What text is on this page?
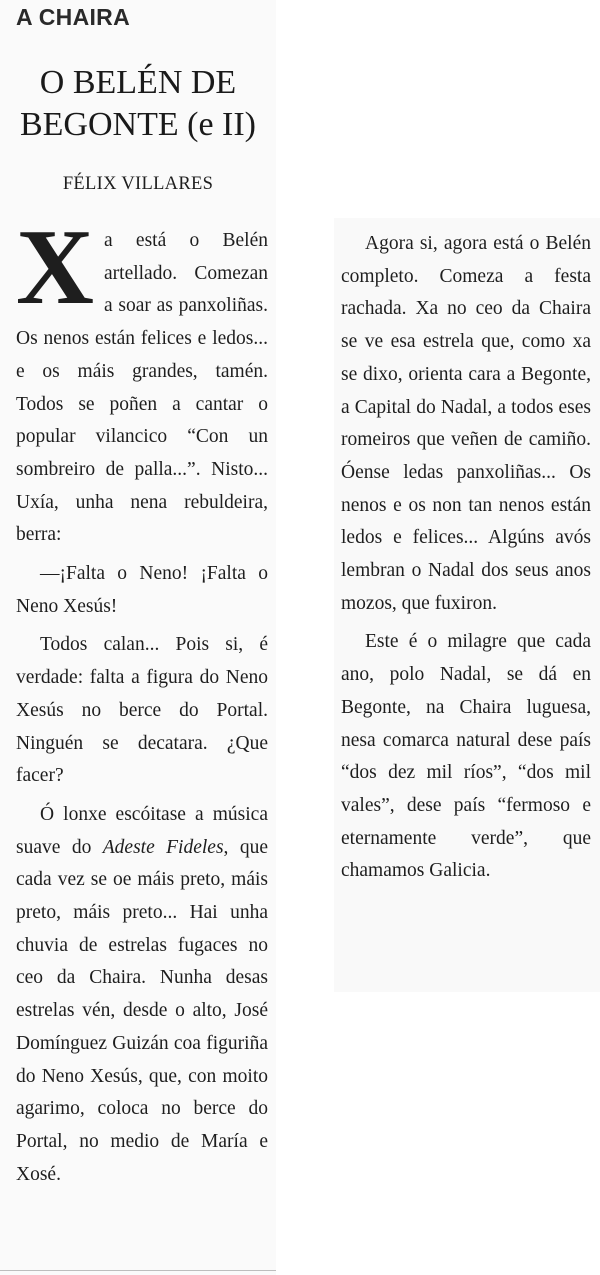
A CHAIRA
O BELÉN DE
BEGONTE (e II)
FÉLIX VILLARES

Xa está o Belén artellado. Comezan a soar as panxoliñas. Os nenos están felices e ledos... e os máis grandes, tamén. Todos se poñen a cantar o popular vilancico “Con un sombreiro de palla...”. Nisto... Uxía, unha nena rebuldeira, berra:

—¡Falta o Neno! ¡Falta o Neno Xesús!

Todos calan... Pois si, é verdade: falta a figura do Neno Xesús no berce do Portal. Ninguén se decatara. ¿Que facer?

Ó lonxe escóitase a música suave do Adeste Fideles, que cada vez se oe máis preto, máis preto, máis preto... Hai unha chuvia de estrelas fugaces no ceo da Chaira. Nunha desas estrelas vén, desde o alto, José Domínguez Guizán coa figuriña do Neno Xesús, que, con moito agarimo, coloca no berce do Portal, no medio de María e Xosé.

Agora si, agora está o Belén completo. Comeza a festa rachada. Xa no ceo da Chaira se ve esa estrela que, como xa se dixo, orienta cara a Begonte, a Capital do Nadal, a todos eses romeiros que veñen de camiño. Óense ledas panxoliñas... Os nenos e os non tan nenos están ledos e felices... Algúns avós lembran o Nadal dos seus anos mozos, que fuxiron.

Este é o milagre que cada ano, polo Nadal, se dá en Begonte, na Chaira luguesa, nesa comarca natural dese país “dos dez mil ríos”, “dos mil vales”, dese país “fermoso e eternamente verde”, que chamamos Galicia.
